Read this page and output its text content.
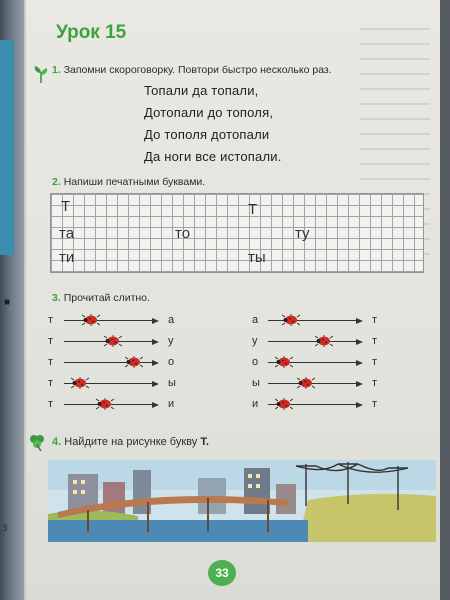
■
з
Урок 15
1. Запомни скороговорку. Повтори быстро несколько раз.
Топали да топали,
Дотопали до тополя,
До тополя дотопали
Да ноги все истопали.
2. Напиши печатными буквами.
Т	Т
та	то	ту
ти	ты
3. Прочитай слитно.
т	а
т	у
т	о
т	ы
т	и
а	т
у	т
о	т
ы	т
и	т
4. Найдите на рисунке букву Т.
33
